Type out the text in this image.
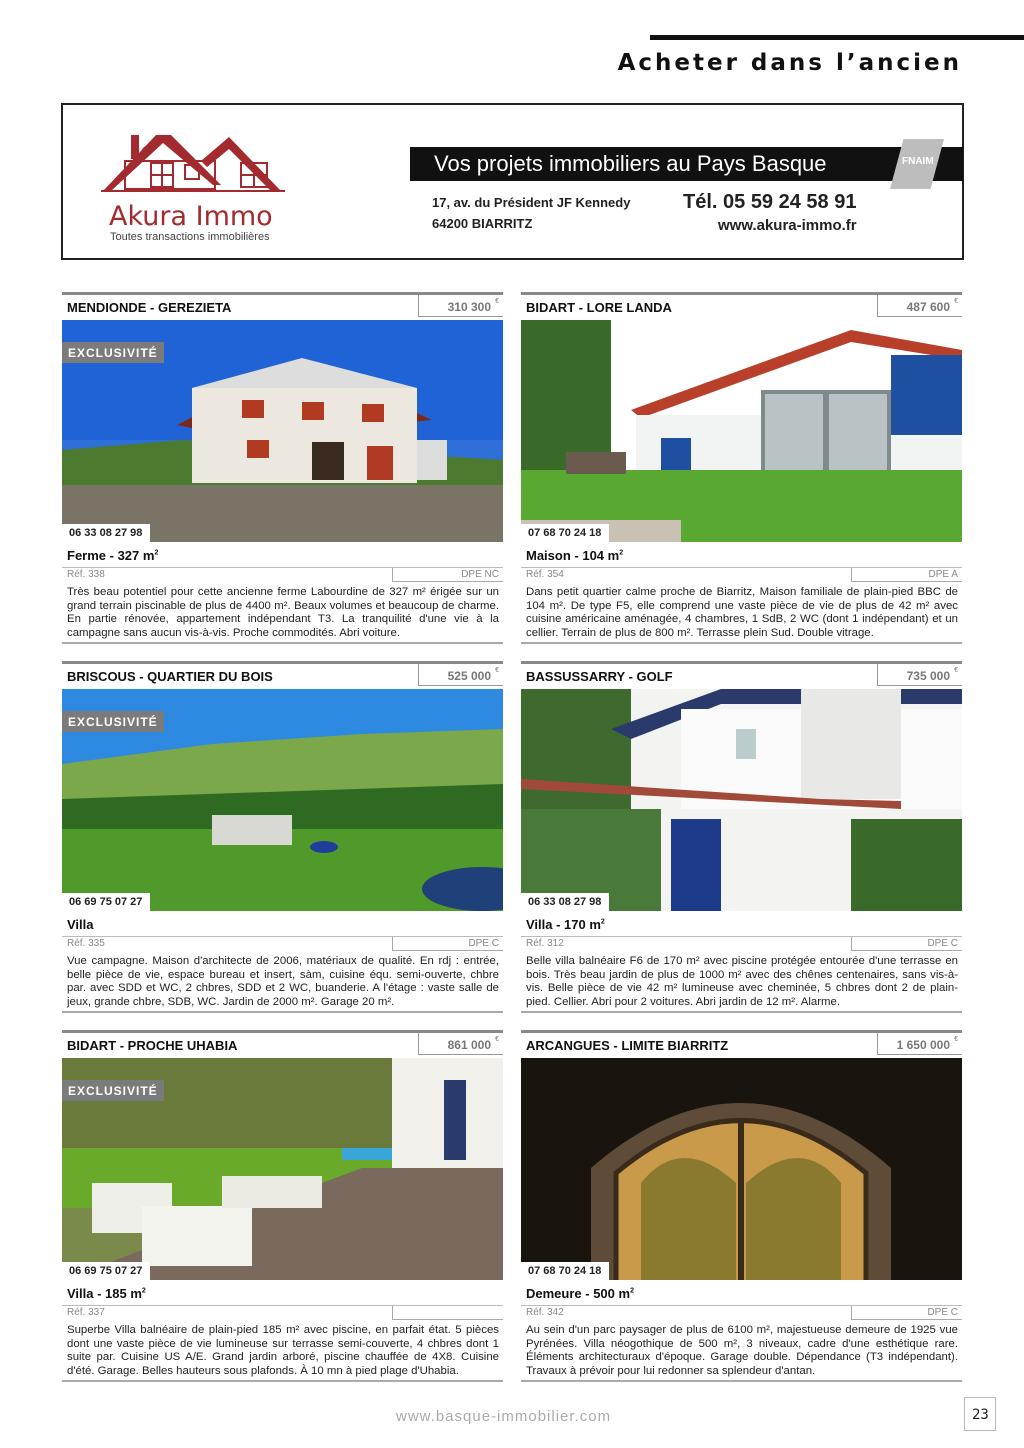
Acheter dans l’ancien
Akura Immo
Toutes transactions immobilières
Vos projets immobiliers au Pays Basque	FNAIM
17, av. du Président JF Kennedy
64200 BIARRITZ
Tél. 05 59 24 58 91
www.akura-immo.fr
MENDIONDE - GEREZIETA	310 300 €
EXCLUSIVITÉ
06 33 08 27 98
Ferme - 327 $m^2$
Réf. 338	DPE NC
Très beau potentiel pour cette ancienne ferme Labourdine de 327 m² érigée sur un grand terrain piscinable de plus de 4400 m². Beaux volumes et beaucoup de charme. En partie rénovée, appartement indépendant T3. La tranquilité d'une vie à la campagne sans aucun vis-à-vis. Proche commodités. Abri voiture.
BIDART - LORE LANDA	487 600 €
07 68 70 24 18
Maison - 104 $m^2$
Réf. 354	DPE A
Dans petit quartier calme proche de Biarritz, Maison familiale de plain-pied BBC de 104 m². De type F5, elle comprend une vaste pièce de vie de plus de 42 m² avec cuisine américaine aménagée, 4 chambres, 1 SdB, 2 WC (dont 1 indépendant) et un cellier. Terrain de plus de 800 m². Terrasse plein Sud. Double vitrage.
BRISCOUS - QUARTIER DU BOIS	525 000 €
EXCLUSIVITÉ
06 69 75 07 27
Villa
Réf. 335	DPE C
Vue campagne. Maison d'architecte de 2006, matériaux de qualité. En rdj : entrée, belle pièce de vie, espace bureau et insert, sàm, cuisine équ. semi-ouverte, chbre par. avec SDD et WC, 2 chbres, SDD et 2 WC, buanderie. A l'étage : vaste salle de jeux, grande chbre, SDB, WC. Jardin de 2000 m². Garage 20 m².
BASSUSSARRY - GOLF	735 000 €
06 33 08 27 98
Villa - 170 $m^2$
Réf. 312	DPE C
Belle villa balnéaire F6 de 170 m² avec piscine protégée entourée d'une terrasse en bois. Très beau jardin de plus de 1000 m² avec des chênes centenaires, sans vis-à-vis. Belle pièce de vie 42 m² lumineuse avec cheminée, 5 chbres dont 2 de plain-pied. Cellier. Abri pour 2 voitures. Abri jardin de 12 m². Alarme.
BIDART - PROCHE UHABIA	861 000 €
EXCLUSIVITÉ
06 69 75 07 27
Villa - 185 $m^2$
Réf. 337
Superbe Villa balnéaire de plain-pied 185 m² avec piscine, en parfait état. 5 pièces dont une vaste pièce de vie lumineuse sur terrasse semi-couverte, 4 chbres dont 1 suite par. Cuisine US A/E. Grand jardin arboré, piscine chauffée de 4X8. Cuisine d'été. Garage. Belles hauteurs sous plafonds. À 10 mn à pied plage d'Uhabia.
ARCANGUES - LIMITE BIARRITZ	1 650 000 €
07 68 70 24 18
Demeure - 500 $m^2$
Réf. 342	DPE C
Au sein d'un parc paysager de plus de 6100 m², majestueuse demeure de 1925 vue Pyrénées. Villa néogothique de 500 m², 3 niveaux, cadre d'une esthétique rare. Éléments architecturaux d'époque. Garage double. Dépendance (T3 indépendant). Travaux à prévoir pour lui redonner sa splendeur d'antan.
www.basque-immobilier.com	23
